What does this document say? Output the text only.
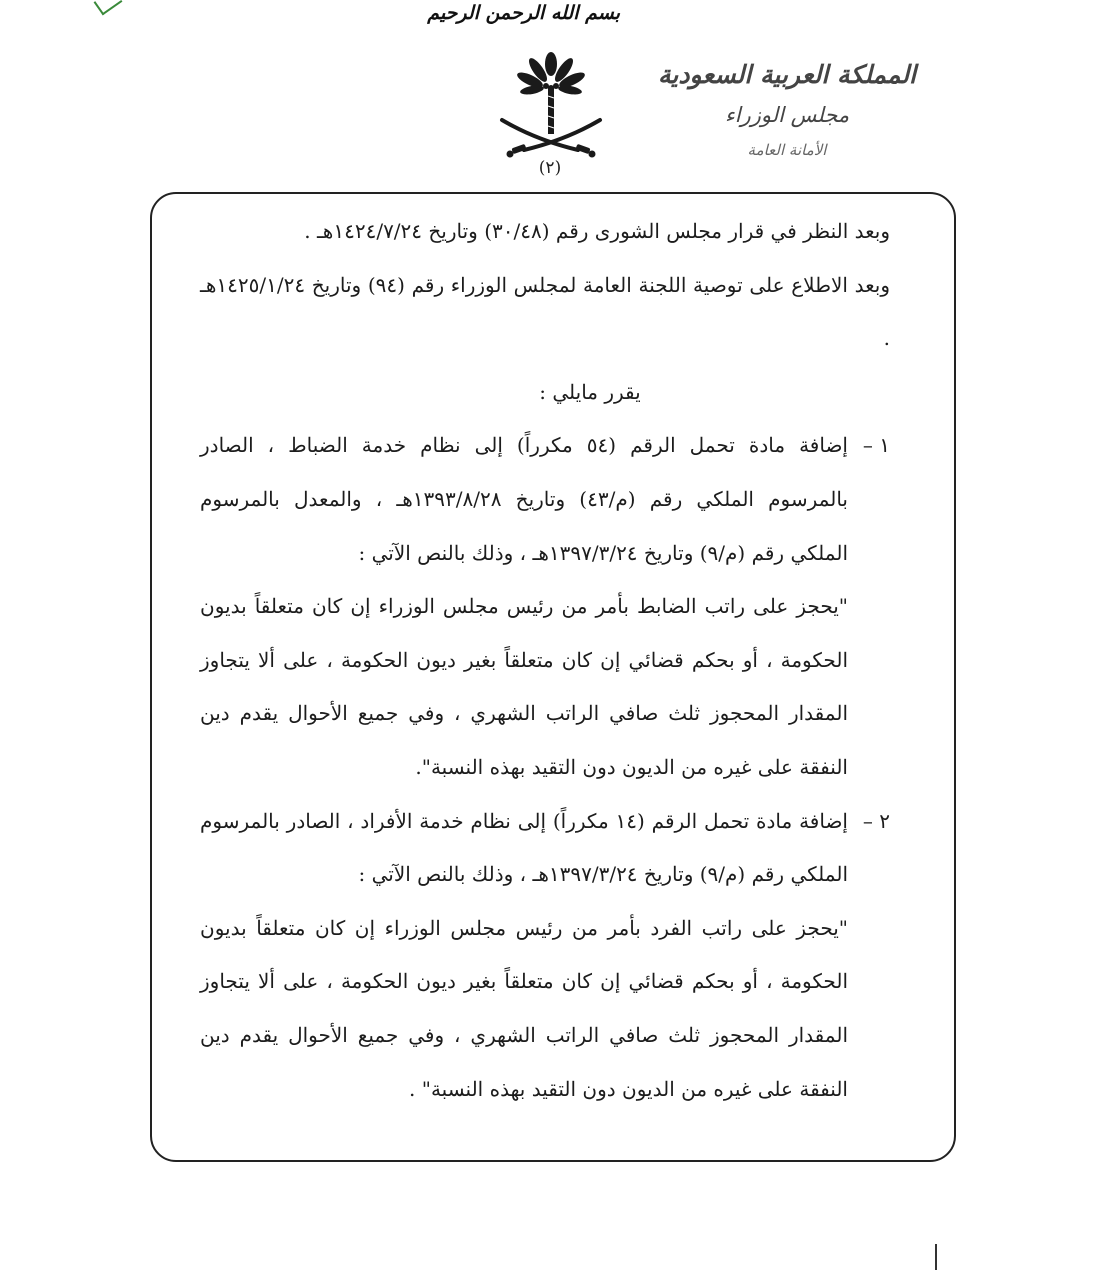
بسم الله الرحمن الرحيم
(٢)
المملكة العربية السعودية
مجلس الوزراء
الأمانة العامة

وبعد النظر في قرار مجلس الشورى رقم (٣٠/٤٨) وتاريخ ١٤٢٤/٧/٢٤هـ .

وبعد الاطلاع على توصية اللجنة العامة لمجلس الوزراء رقم (٩٤) وتاريخ ١٤٢٥/١/٢٤هـ .

يقرر مايلي :

١ –

إضافة مادة تحمل الرقم (٥٤ مكرراً) إلى نظام خدمة الضباط ، الصادر بالمرسوم الملكي رقم (م/٤٣) وتاريخ ١٣٩٣/٨/٢٨هـ ، والمعدل بالمرسوم الملكي رقم (م/٩) وتاريخ ١٣٩٧/٣/٢٤هـ ، وذلك بالنص الآتي :

"يحجز على راتب الضابط بأمر من رئيس مجلس الوزراء إن كان متعلقاً بديون الحكومة ، أو بحكم قضائي إن كان متعلقاً بغير ديون الحكومة ، على ألا يتجاوز المقدار المحجوز ثلث صافي الراتب الشهري ، وفي جميع الأحوال يقدم دين النفقة على غيره من الديون دون التقيد بهذه النسبة".

٢ –

إضافة مادة تحمل الرقم (١٤ مكرراً) إلى نظام خدمة الأفراد ، الصادر بالمرسوم الملكي رقم (م/٩) وتاريخ ١٣٩٧/٣/٢٤هـ ، وذلك بالنص الآتي :

"يحجز على راتب الفرد بأمر من رئيس مجلس الوزراء إن كان متعلقاً بديون الحكومة ، أو بحكم قضائي إن كان متعلقاً بغير ديون الحكومة ، على ألا يتجاوز المقدار المحجوز ثلث صافي الراتب الشهري ، وفي جميع الأحوال يقدم دين النفقة على غيره من الديون دون التقيد بهذه النسبة" .
